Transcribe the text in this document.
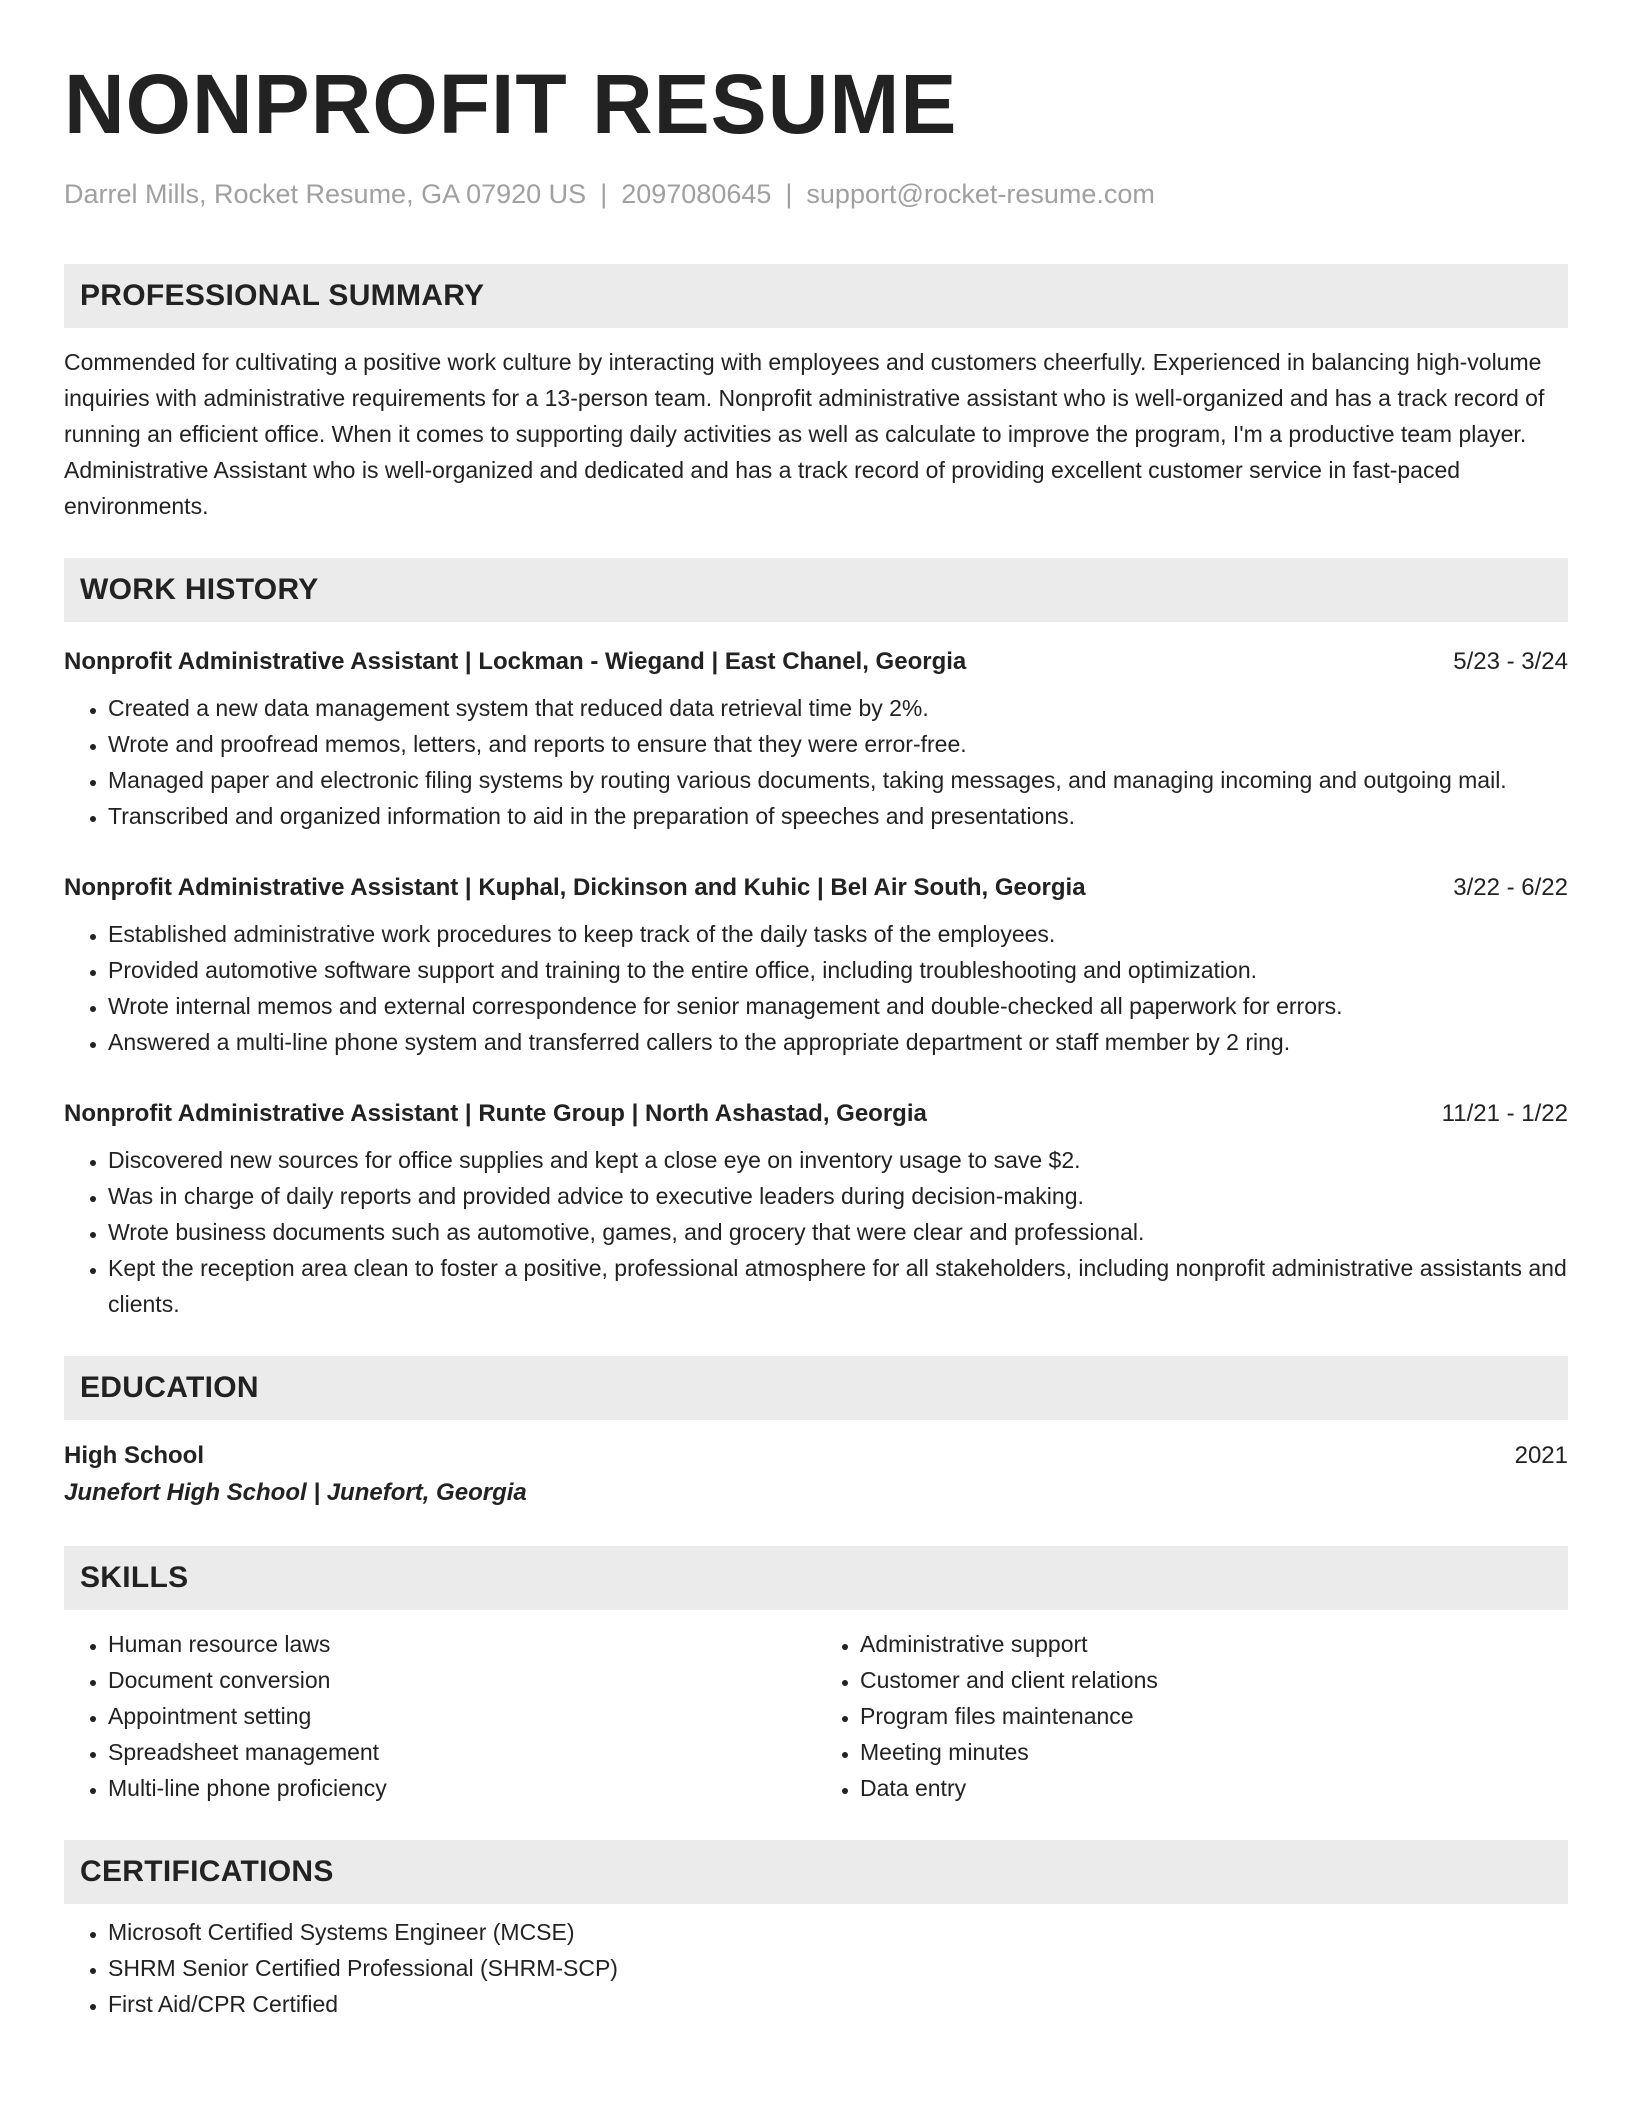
NONPROFIT RESUME
Darrel Mills, Rocket Resume, GA 07920 US | 2097080645 | support@rocket-resume.com
PROFESSIONAL SUMMARY

Commended for cultivating a positive work culture by interacting with employees and customers cheerfully. Experienced in balancing high-volume inquiries with administrative requirements for a 13-person team. Nonprofit administrative assistant who is well-organized and has a track record of running an efficient office. When it comes to supporting daily activities as well as calculate to improve the program, I'm a productive team player. Administrative Assistant who is well-organized and dedicated and has a track record of providing excellent customer service in fast-paced environments.

WORK HISTORY
Nonprofit Administrative Assistant | Lockman - Wiegand | East Chanel, Georgia	5/23 - 3/24
• Created a new data management system that reduced data retrieval time by 2%.
• Wrote and proofread memos, letters, and reports to ensure that they were error-free.
• Managed paper and electronic filing systems by routing various documents, taking messages, and managing incoming and outgoing mail.
• Transcribed and organized information to aid in the preparation of speeches and presentations.
Nonprofit Administrative Assistant | Kuphal, Dickinson and Kuhic | Bel Air South, Georgia	3/22 - 6/22
• Established administrative work procedures to keep track of the daily tasks of the employees.
• Provided automotive software support and training to the entire office, including troubleshooting and optimization.
• Wrote internal memos and external correspondence for senior management and double-checked all paperwork for errors.
• Answered a multi-line phone system and transferred callers to the appropriate department or staff member by 2 ring.
Nonprofit Administrative Assistant | Runte Group | North Ashastad, Georgia	11/21 - 1/22
• Discovered new sources for office supplies and kept a close eye on inventory usage to save $2.
• Was in charge of daily reports and provided advice to executive leaders during decision-making.
• Wrote business documents such as automotive, games, and grocery that were clear and professional.
• Kept the reception area clean to foster a positive, professional atmosphere for all stakeholders, including nonprofit administrative assistants and clients.
EDUCATION
High School	2021
Junefort High School | Junefort, Georgia
SKILLS
• Human resource laws
• Document conversion
• Appointment setting
• Spreadsheet management
• Multi-line phone proficiency
• Administrative support
• Customer and client relations
• Program files maintenance
• Meeting minutes
• Data entry
CERTIFICATIONS
• Microsoft Certified Systems Engineer (MCSE)
• SHRM Senior Certified Professional (SHRM-SCP)
• First Aid/CPR Certified
